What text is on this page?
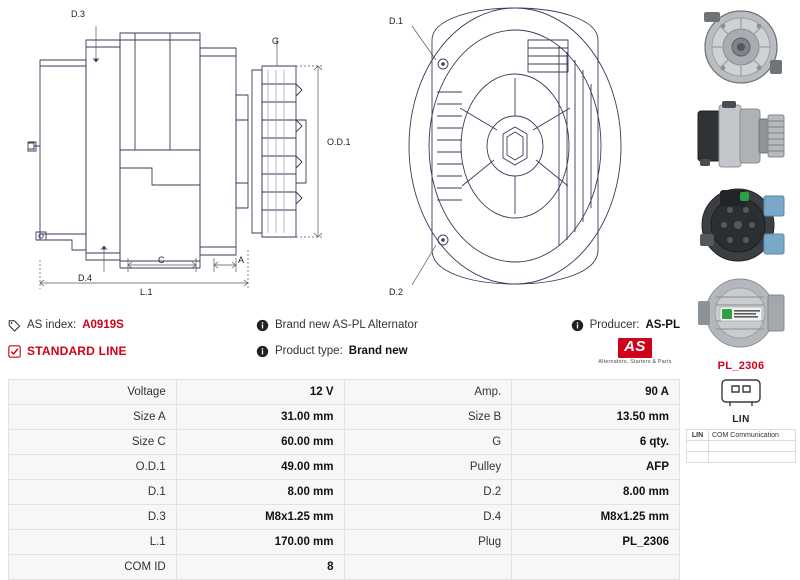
D.3
G
O.D.1
D.4
C	A
L.1
D.1
D.2
AS index: A0919S	Brand new AS-PL Alternator	Producer: AS-PL
STANDARD LINE	Product type: Brand new	AS
Alternators, Starters & Parts
Voltage	12 V	Amp.	90 A
Size A	31.00 mm	Size B	13.50 mm
Size C	60.00 mm	G	6 qty.
O.D.1	49.00 mm	Pulley	AFP
D.1	8.00 mm	D.2	8.00 mm
D.3	M8x1.25 mm	D.4	M8x1.25 mm
L.1	170.00 mm	Plug	PL_2306
COM ID	8		
PL_2306
LIN
LIN	COM Communication
